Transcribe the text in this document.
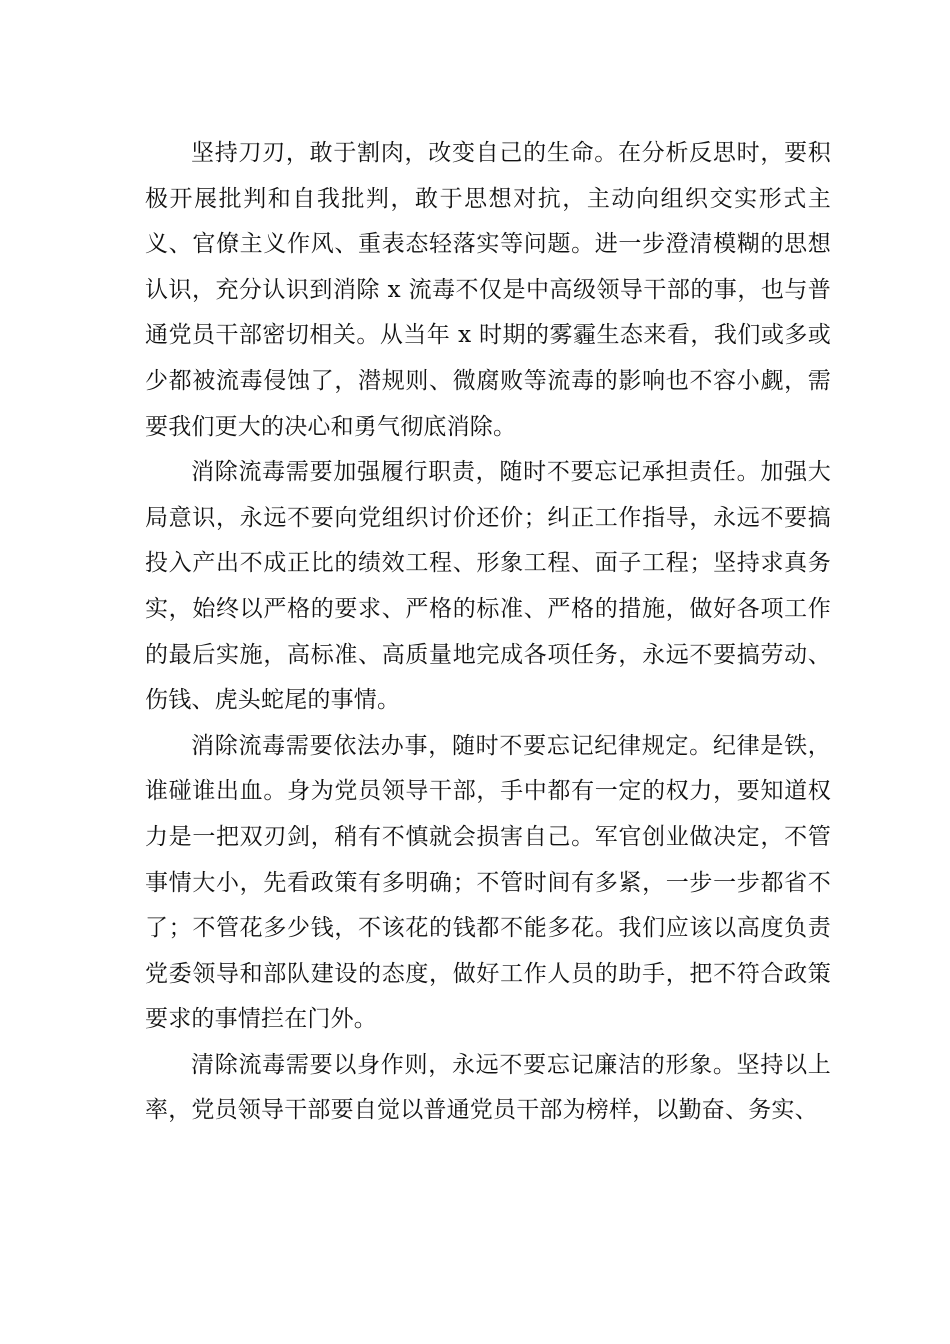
坚持刀刃，敢于割肉，改变自己的生命。在分析反思时，要积极开展批判和自我批判，敢于思想对抗，主动向组织交实形式主义、官僚主义作风、重表态轻落实等问题。进一步澄清模糊的思想认识，充分认识到消除 x 流毒不仅是中高级领导干部的事，也与普通党员干部密切相关。从当年 x 时期的雾霾生态来看，我们或多或少都被流毒侵蚀了，潜规则、微腐败等流毒的影响也不容小觑，需要我们更大的决心和勇气彻底消除。

消除流毒需要加强履行职责，随时不要忘记承担责任。加强大局意识，永远不要向党组织讨价还价；纠正工作指导，永远不要搞投入产出不成正比的绩效工程、形象工程、面子工程；坚持求真务实，始终以严格的要求、严格的标准、严格的措施，做好各项工作的最后实施，高标准、高质量地完成各项任务，永远不要搞劳动、伤钱、虎头蛇尾的事情。

消除流毒需要依法办事，随时不要忘记纪律规定。纪律是铁，谁碰谁出血。身为党员领导干部，手中都有一定的权力，要知道权力是一把双刃剑，稍有不慎就会损害自己。军官创业做决定，不管事情大小，先看政策有多明确；不管时间有多紧，一步一步都省不了；不管花多少钱，不该花的钱都不能多花。我们应该以高度负责党委领导和部队建设的态度，做好工作人员的助手，把不符合政策要求的事情拦在门外。

清除流毒需要以身作则，永远不要忘记廉洁的形象。坚持以上率，党员领导干部要自觉以普通党员干部为榜样，以勤奋、务实、
